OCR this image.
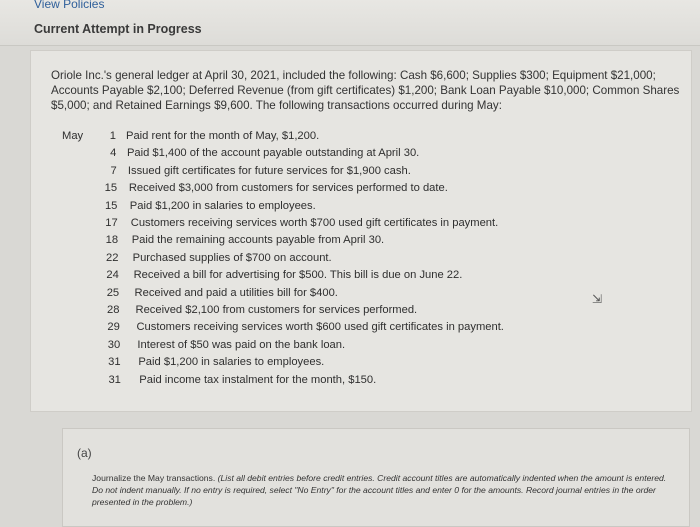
View Policies
Current Attempt in Progress
Oriole Inc.'s general ledger at April 30, 2021, included the following: Cash $6,600; Supplies $300; Equipment $21,000; Accounts Payable $2,100; Deferred Revenue (from gift certificates) $1,200; Bank Loan Payable $10,000; Common Shares $5,000; and Retained Earnings $9,600. The following transactions occurred during May:
May	1 Paid rent for the month of May, $1,200.
4 Paid $1,400 of the account payable outstanding at April 30.
7 Issued gift certificates for future services for $1,900 cash.
15 Received $3,000 from customers for services performed to date.
15 Paid $1,200 in salaries to employees.
17 Customers receiving services worth $700 used gift certificates in payment.
18 Paid the remaining accounts payable from April 30.
22 Purchased supplies of $700 on account.
24 Received a bill for advertising for $500. This bill is due on June 22.
25 Received and paid a utilities bill for $400.
28 Received $2,100 from customers for services performed.
29 Customers receiving services worth $600 used gift certificates in payment.
30 Interest of $50 was paid on the bank loan.
31 Paid $1,200 in salaries to employees.
31 Paid income tax instalment for the month, $150.
⇲
(a)
Journalize the May transactions. (List all debit entries before credit entries. Credit account titles are automatically indented when the amount is entered. Do not indent manually. If no entry is required, select "No Entry" for the account titles and enter 0 for the amounts. Record journal entries in the order presented in the problem.)
